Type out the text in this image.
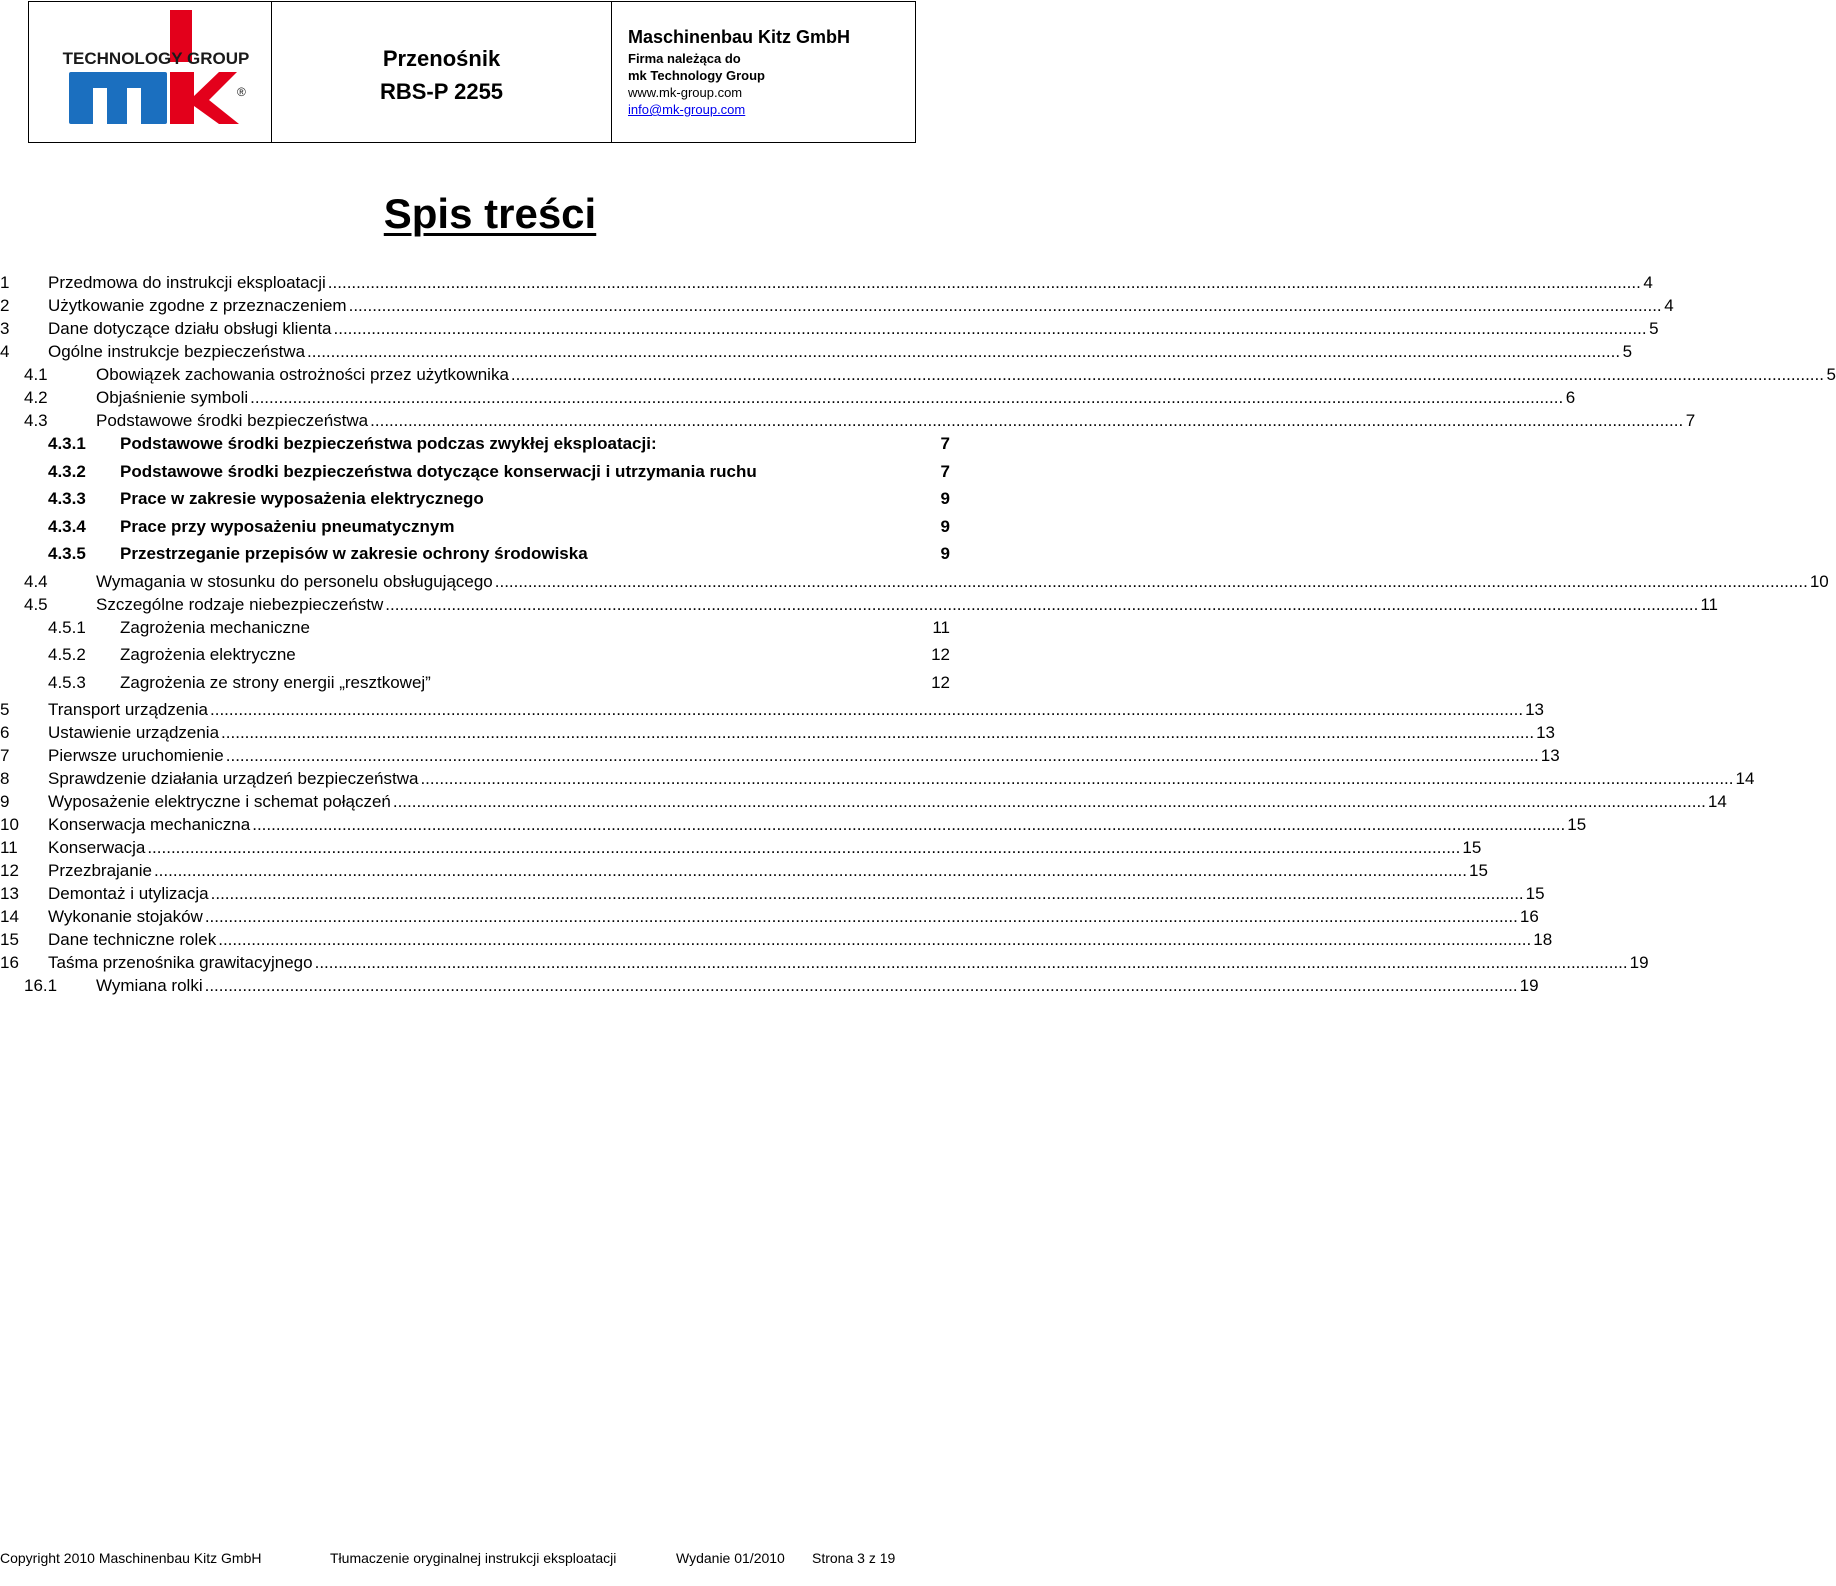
TECHNOLOGY GROUP
®
Przenośnik
RBS-P 2255
Maschinenbau Kitz GmbH
Firma należąca do
mk Technology Group
www.mk-group.com
info@mk-group.com
Spis treści
1 Przedmowa do instrukcji eksploatacji .....	4
2 Użytkowanie zgodne z przeznaczeniem .....	4
3 Dane dotyczące działu obsługi klienta .....	5
4 Ogólne instrukcje bezpieczeństwa .....	5
4.1	Obowiązek zachowania ostrożności przez użytkownika .....	5
4.2	Objaśnienie symboli .....	6
4.3	Podstawowe środki bezpieczeństwa .....	7
4.3.1 Podstawowe środki bezpieczeństwa podczas zwykłej eksploatacji:	7
4.3.2 Podstawowe środki bezpieczeństwa dotyczące konserwacji i utrzymania ruchu	7
4.3.3 Prace w zakresie wyposażenia elektrycznego	9
4.3.4 Prace przy wyposażeniu pneumatycznym	9
4.3.5 Przestrzeganie przepisów w zakresie ochrony środowiska	9
4.4	Wymagania w stosunku do personelu obsługującego .....	10
4.5	Szczególne rodzaje niebezpieczeństw .....	11
4.5.1 Zagrożenia mechaniczne	11
4.5.2 Zagrożenia elektryczne	12
4.5.3 Zagrożenia ze strony energii „resztkowej”	12
5 Transport urządzenia .....	13
6 Ustawienie urządzenia .....	13
7 Pierwsze uruchomienie .....	13
8 Sprawdzenie działania urządzeń bezpieczeństwa .....	14
9 Wyposażenie elektryczne i schemat połączeń .....	14
10 Konserwacja mechaniczna .....	15
11 Konserwacja .....	15
12 Przezbrajanie .....	15
13 Demontaż i utylizacja .....	15
14 Wykonanie stojaków .....	16
15 Dane techniczne rolek .....	18
16 Taśma przenośnika grawitacyjnego .....	19
16.1 Wymiana rolki .....	19
Copyright 2010 Maschinenbau Kitz GmbH	Tłumaczenie oryginalnej instrukcji eksploatacji	Wydanie 01/2010 Strona 3 z 19
